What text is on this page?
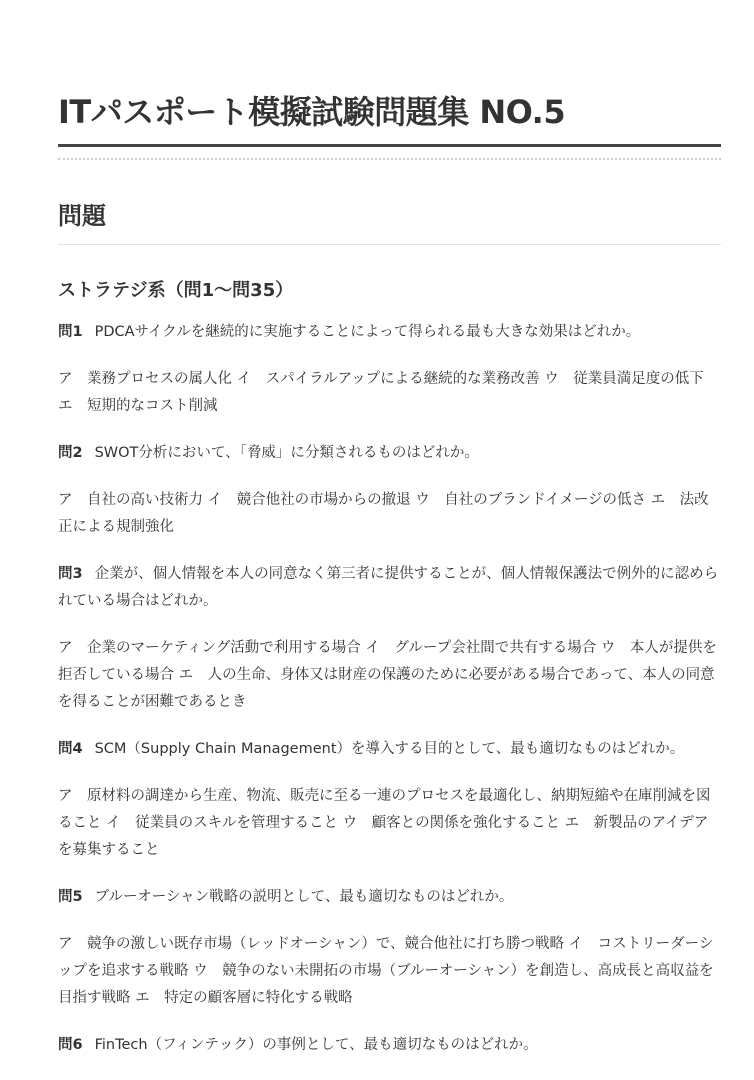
ITパスポート模擬試験問題集 NO.5
問題
ストラテジ系（問1〜問35）

問1 PDCAサイクルを継続的に実施することによって得られる最も大きな効果はどれか。

ア　業務プロセスの属人化 イ　スパイラルアップによる継続的な業務改善 ウ　従業員満足度の低下 エ　短期的なコスト削減

問2 SWOT分析において、「脅威」に分類されるものはどれか。

ア　自社の高い技術力 イ　競合他社の市場からの撤退 ウ　自社のブランドイメージの低さ エ　法改正による規制強化

問3 企業が、個人情報を本人の同意なく第三者に提供することが、個人情報保護法で例外的に認められている場合はどれか。

ア　企業のマーケティング活動で利用する場合 イ　グループ会社間で共有する場合 ウ　本人が提供を拒否している場合 エ　人の生命、身体又は財産の保護のために必要がある場合であって、本人の同意を得ることが困難であるとき

問4 SCM（Supply Chain Management）を導入する目的として、最も適切なものはどれか。

ア　原材料の調達から生産、物流、販売に至る一連のプロセスを最適化し、納期短縮や在庫削減を図ること イ　従業員のスキルを管理すること ウ　顧客との関係を強化すること エ　新製品のアイデアを募集すること

問5 ブルーオーシャン戦略の説明として、最も適切なものはどれか。

ア　競争の激しい既存市場（レッドオーシャン）で、競合他社に打ち勝つ戦略 イ　コストリーダーシップを追求する戦略 ウ　競争のない未開拓の市場（ブルーオーシャン）を創造し、高成長と高収益を目指す戦略 エ　特定の顧客層に特化する戦略

問6 FinTech（フィンテック）の事例として、最も適切なものはどれか。
